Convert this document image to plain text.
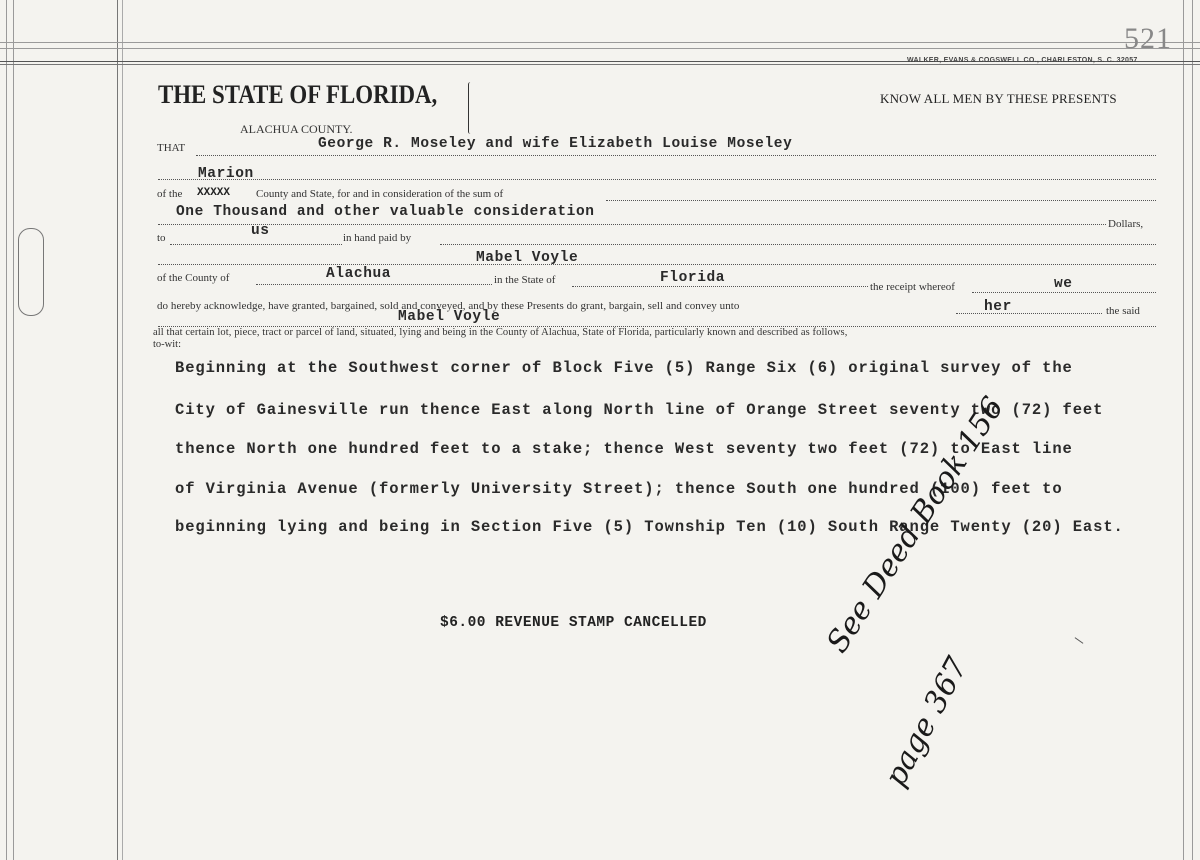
521
WALKER, EVANS & COGSWELL CO., CHARLESTON, S. C. 32057
THE STATE OF FLORIDA,	KNOW ALL MEN BY THESE PRESENTS
ALACHUA COUNTY.
THAT	George R. Moseley and wife Elizabeth Louise Moseley
Marion
of the XXXXX County and State, for and in consideration of the sum of
One Thousand and other valuable consideration
Dollars,
to	us	in hand paid by
Mabel Voyle
of the County of	Alachua	in the State of	Florida
the receipt whereof	we
do hereby acknowledge, have granted, bargained, sold and conveyed, and by these Presents do grant, bargain, sell and convey unto	her	the said
Mabel Voyle
all that certain lot, piece, tract or parcel of land, situated, lying and being in the County of Alachua, State of Florida, particularly known and described as follows,
to-wit:
Beginning at the Southwest corner of Block Five (5) Range Six (6) original survey of the
City of Gainesville run thence East along North line of Orange Street seventy two (72) feet
thence North one hundred feet to a stake; thence West seventy two feet (72) to East line
of Virginia Avenue (formerly University Street); thence South one hundred (100) feet to
beginning lying and being in Section Five (5) Township Ten (10) South Range Twenty (20) East.
$6.00 REVENUE STAMP CANCELLED	See Deed Book 156
page 367
